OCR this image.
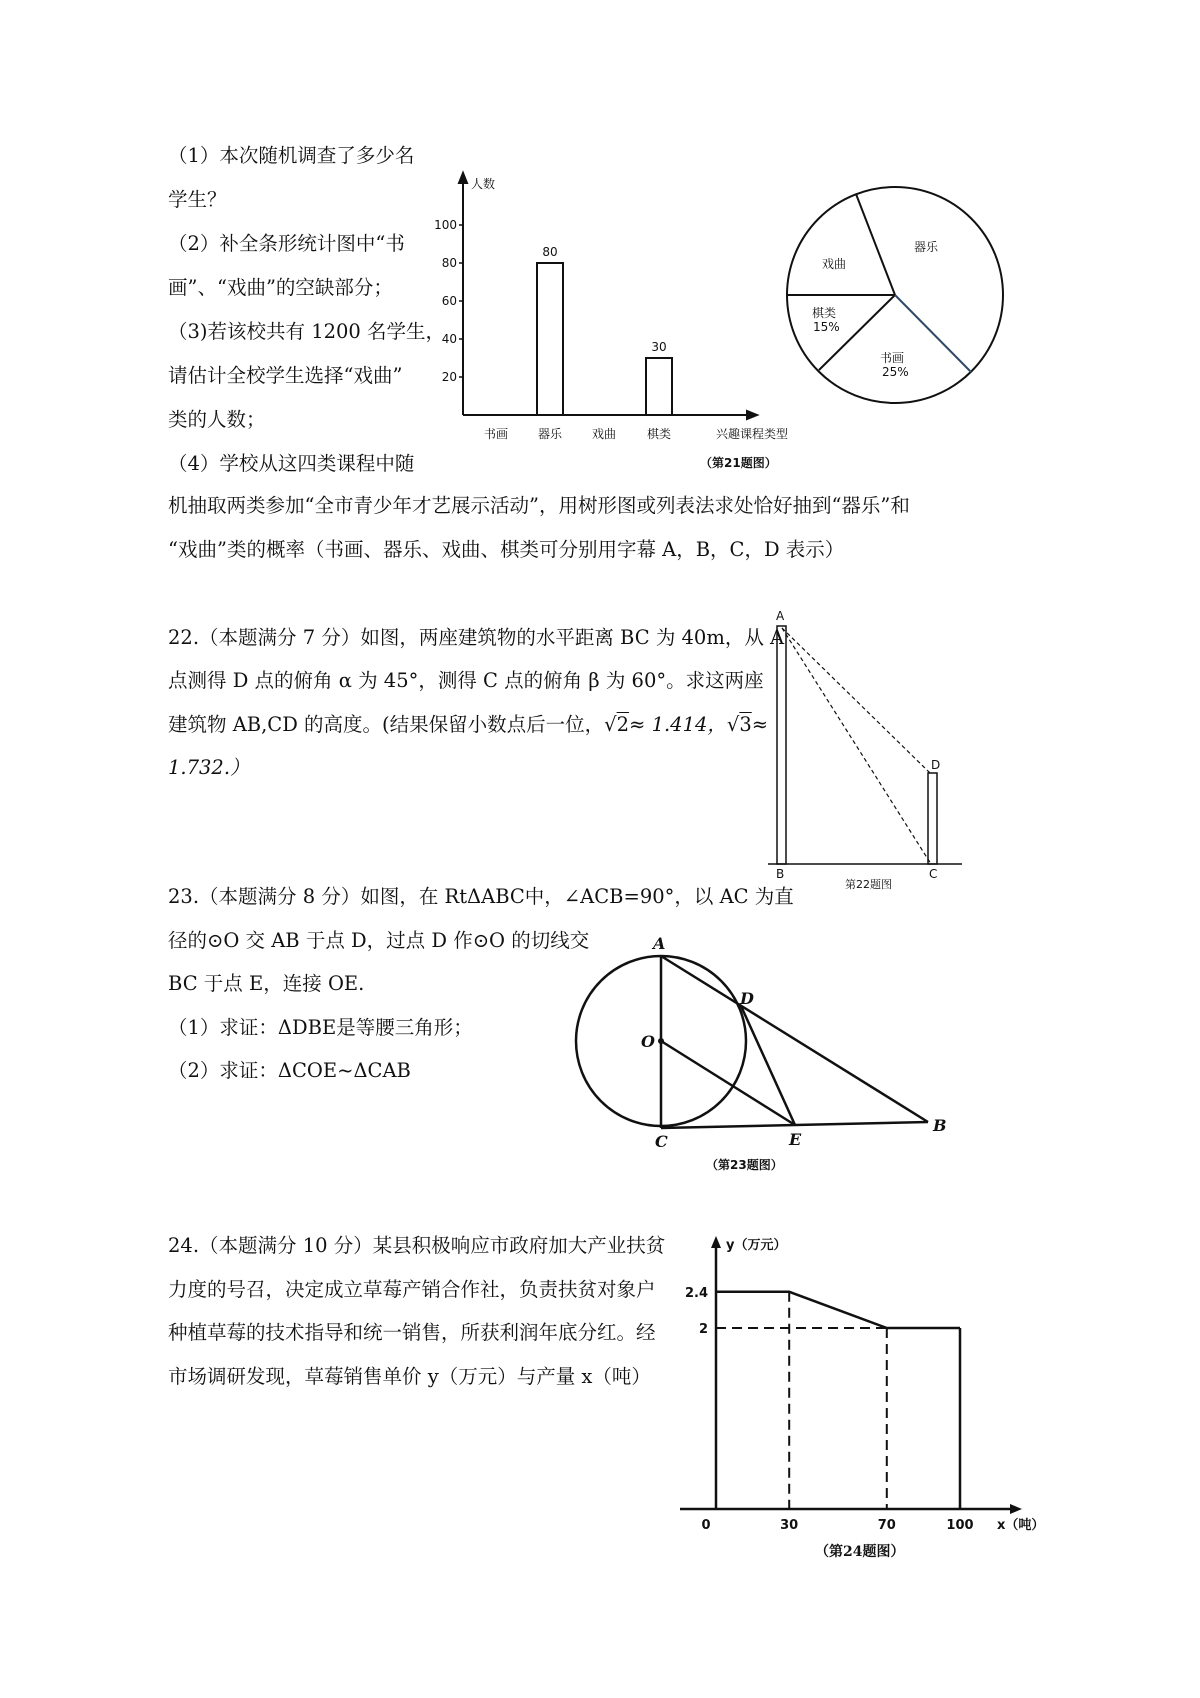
（1）本次随机调查了多少名
学生？
（2）补全条形统计图中“书
画”、“戏曲”的空缺部分；
（3)若该校共有 1200 名学生，
请估计全校学生选择“戏曲”
类的人数；
（4）学校从这四类课程中随
机抽取两类参加“全市青少年才艺展示活动”，用树形图或列表法求处恰好抽到“器乐”和
“戏曲”类的概率（书画、器乐、戏曲、棋类可分别用字幕 A，B，C，D 表示）
书画 器乐
80
戏曲	棋类
30
20
40
60
80
100
人数
兴趣课程类型
（第21题图）
戏曲
器乐
棋类
15%
书画
25%
22.（本题满分 7 分）如图，两座建筑物的水平距离 BC 为 40m，从 A
点测得 D 点的俯角 α 为 45°，测得 C 点的俯角 β 为 60°。求这两座
建筑物 AB,CD 的高度。(结果保留小数点后一位，√2≈ 1.414，√3≈
1.732.）
A
D
B	C
第22题图
23.（本题满分 8 分）如图，在 RtΔABC中，∠ACB=90°，以 AC 为直
径的⊙O 交 AB 于点 D，过点 D 作⊙O 的切线交
BC 于点 E，连接 OE.
（1）求证：ΔDBE是等腰三角形；
（2）求证：ΔCOE~ΔCAB
A
D
O
C	E
B
（第23题图）
24.（本题满分 10 分）某县积极响应市政府加大产业扶贫
力度的号召，决定成立草莓产销合作社，负责扶贫对象户
种植草莓的技术指导和统一销售，所获利润年底分红。经
市场调研发现，草莓销售单价 y（万元）与产量 x（吨）
0	30	70	100
2
2.4
y（万元）
x（吨）
（第24题图）
